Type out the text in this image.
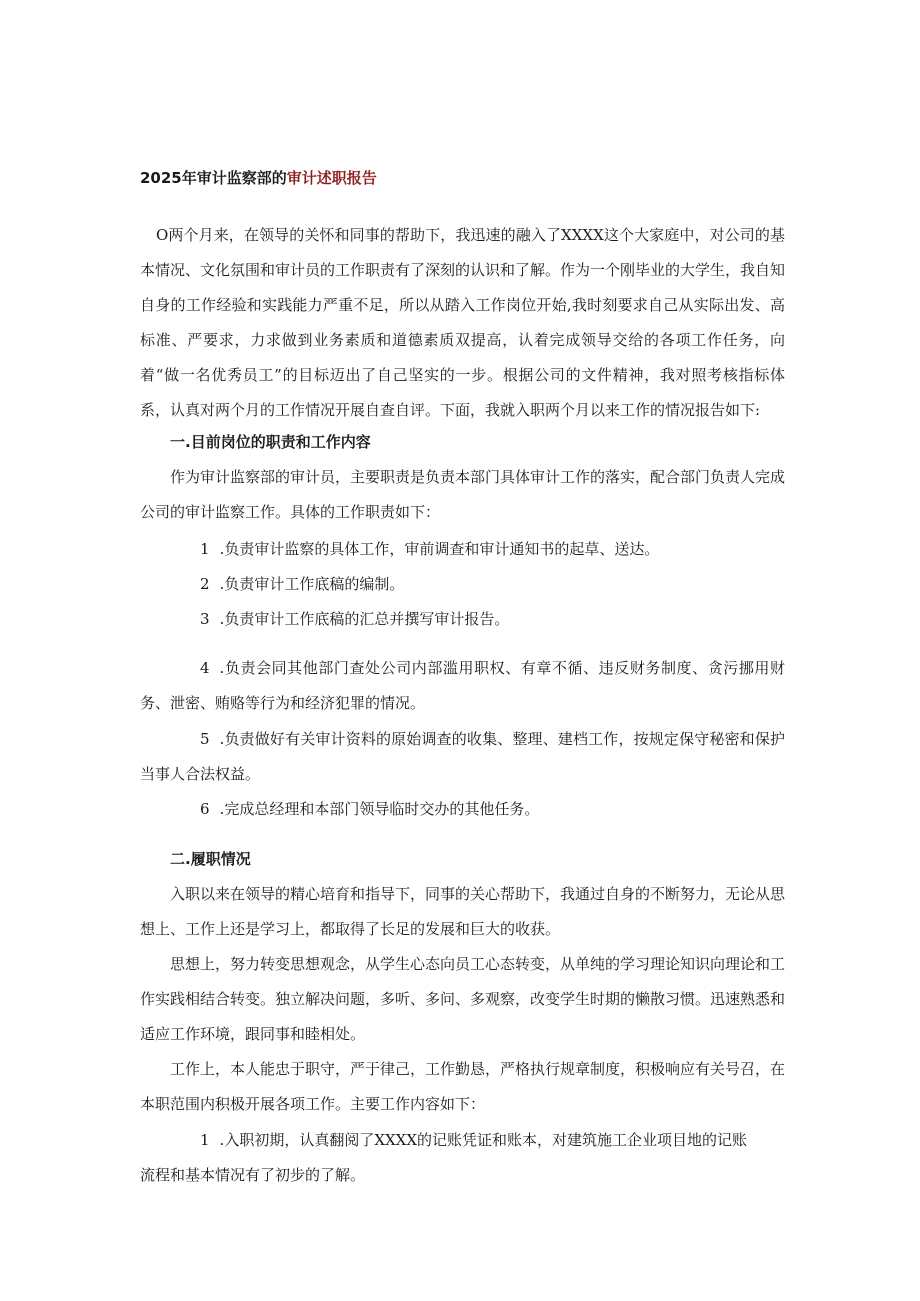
2025年审计监察部的审计述职报告

O两个月来，在领导的关怀和同事的帮助下，我迅速的融入了XXXX这个大家庭中，对公司的基本情况、文化氛围和审计员的工作职责有了深刻的认识和了解。作为一个刚毕业的大学生，我自知自身的工作经验和实践能力严重不足，所以从踏入工作岗位开始,我时刻要求自己从实际出发、高标准、严要求，力求做到业务素质和道德素质双提高，认着完成领导交给的各项工作任务，向着“做一名优秀员工”的目标迈出了自己坚实的一步。根据公司的文件精神，我对照考核指标体系，认真对两个月的工作情况开展自查自评。下面，我就入职两个月以来工作的情况报告如下:

一.目前岗位的职责和工作内容

作为审计监察部的审计员，主要职责是负责本部门具体审计工作的落实，配合部门负责人完成公司的审计监察工作。具体的工作职责如下：

1 .负责审计监察的具体工作，审前调查和审计通知书的起草、送达。

2 .负责审计工作底稿的编制。

3 .负责审计工作底稿的汇总并撰写审计报告。

4 .负责会同其他部门查处公司内部滥用职权、有章不循、违反财务制度、贪污挪用财务、泄密、贿赂等行为和经济犯罪的情况。

5 .负责做好有关审计资料的原始调查的收集、整理、建档工作，按规定保守秘密和保护当事人合法权益。

6 .完成总经理和本部门领导临时交办的其他任务。

二.履职情况

入职以来在领导的精心培育和指导下，同事的关心帮助下，我通过自身的不断努力，无论从思想上、工作上还是学习上，都取得了长足的发展和巨大的收获。

思想上，努力转变思想观念，从学生心态向员工心态转变，从单纯的学习理论知识向理论和工作实践相结合转变。独立解决问题，多听、多问、多观察，改变学生时期的懒散习惯。迅速熟悉和适应工作环境，跟同事和睦相处。

工作上，本人能忠于职守，严于律己，工作勤恳，严格执行规章制度，积极响应有关号召，在本职范围内积极开展各项工作。主要工作内容如下：

1 .入职初期，认真翻阅了XXXX的记账凭证和账本，对建筑施工企业项目地的记账

流程和基本情况有了初步的了解。
